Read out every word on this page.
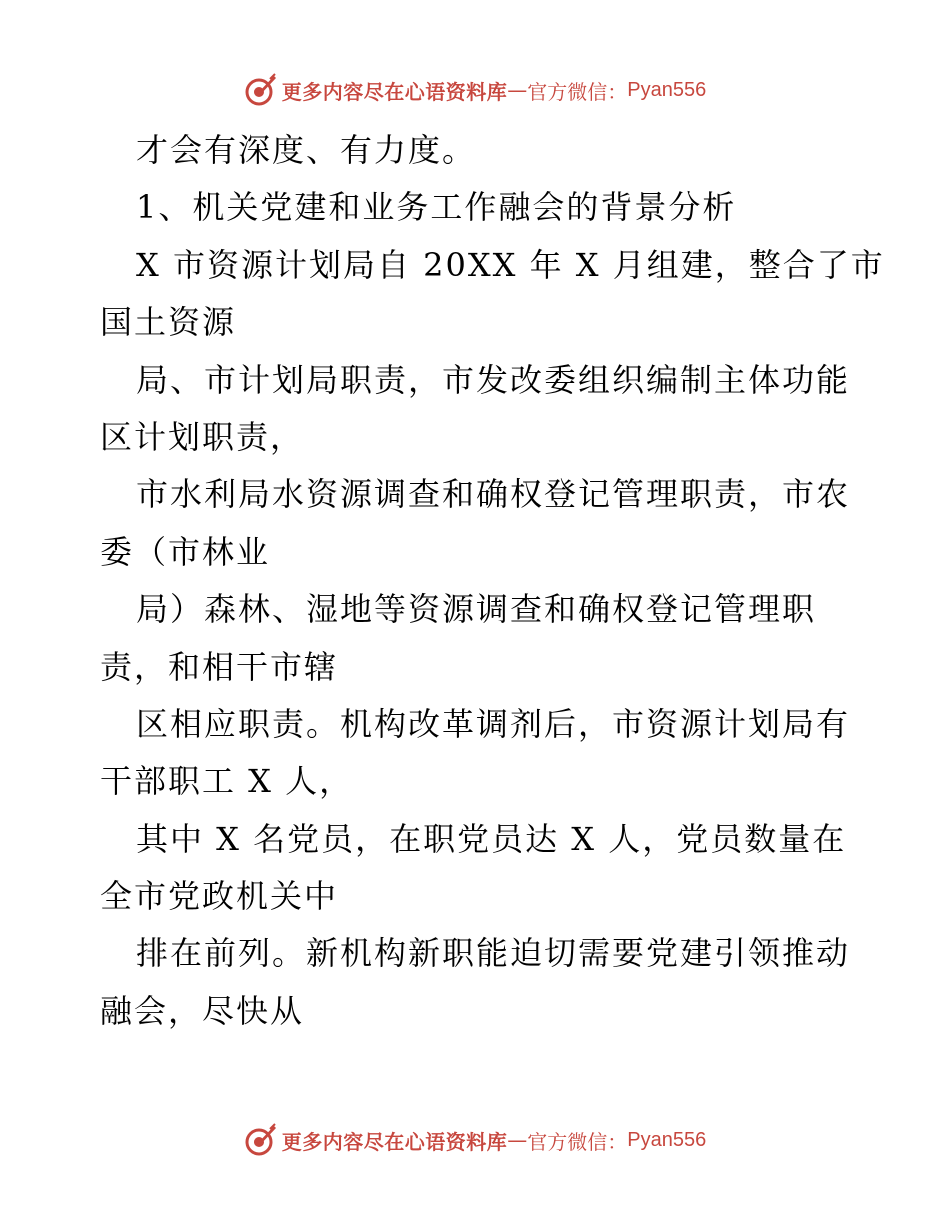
更多内容尽在心语资料库 — 官方微信： Pyan556
才会有深度、有力度。
1、机关党建和业务工作融会的背景分析
X 市资源计划局自 20XX 年 X 月组建，整合了市
国土资源
局、市计划局职责，市发改委组织编制主体功能
区计划职责，
市水利局水资源调查和确权登记管理职责，市农
委（市林业
局）森林、湿地等资源调查和确权登记管理职
责，和相干市辖
区相应职责。机构改革调剂后，市资源计划局有
干部职工 X 人，
其中 X 名党员，在职党员达 X 人，党员数量在
全市党政机关中
排在前列。新机构新职能迫切需要党建引领推动
融会，尽快从
更多内容尽在心语资料库 — 官方微信： Pyan556
